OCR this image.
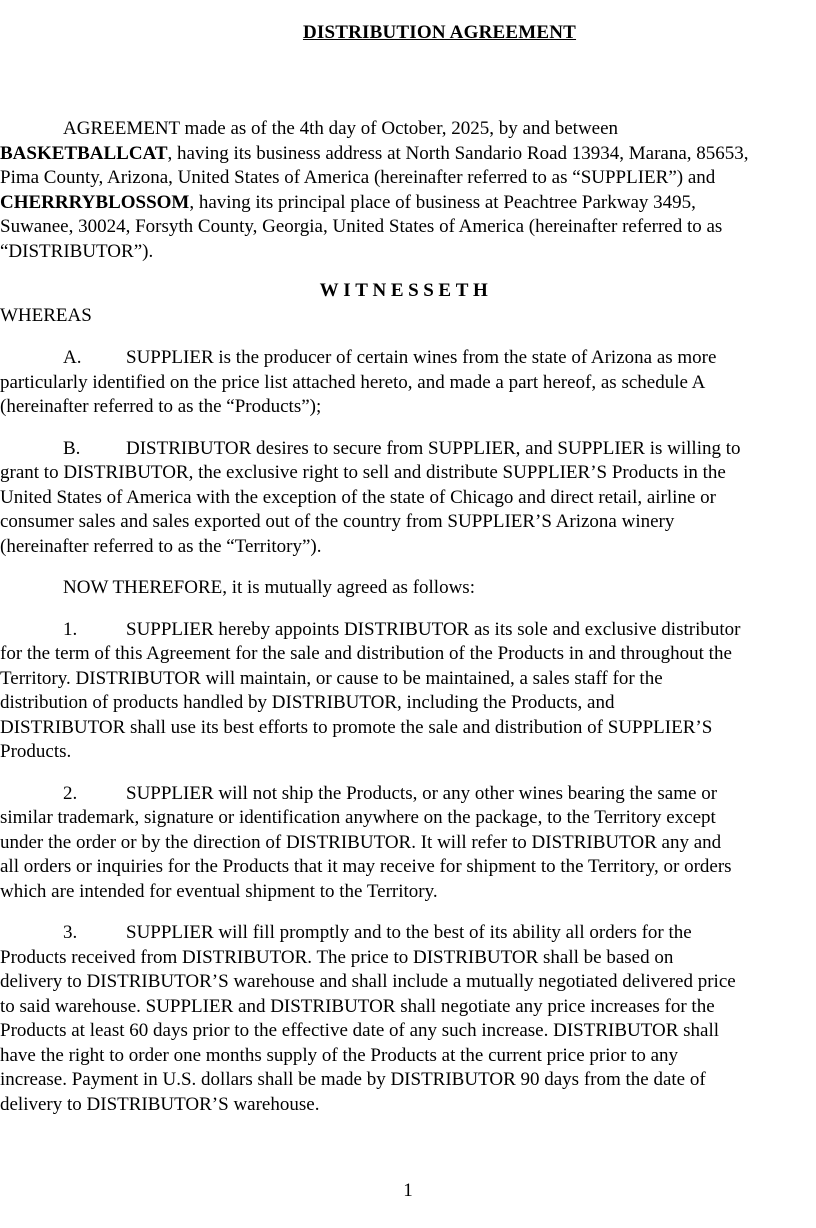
DISTRIBUTION AGREEMENT
AGREEMENT made as of the 4th day of October, 2025, by and between
BASKETBALLCAT, having its business address at North Sandario Road 13934, Marana, 85653,
Pima County, Arizona, United States of America (hereinafter referred to as “SUPPLIER”) and
CHERRRYBLOSSOM, having its principal place of business at Peachtree Parkway 3495,
Suwanee, 30024, Forsyth County, Georgia, United States of America (hereinafter referred to as
“DISTRIBUTOR”).
WITNESSETH
WHEREAS
A. SUPPLIER is the producer of certain wines from the state of Arizona as more
particularly identified on the price list attached hereto, and made a part hereof, as schedule A
(hereinafter referred to as the “Products”);
B. DISTRIBUTOR desires to secure from SUPPLIER, and SUPPLIER is willing to
grant to DISTRIBUTOR, the exclusive right to sell and distribute SUPPLIER’S Products in the
United States of America with the exception of the state of Chicago and direct retail, airline or
consumer sales and sales exported out of the country from SUPPLIER’S Arizona winery
(hereinafter referred to as the “Territory”).
NOW THEREFORE, it is mutually agreed as follows:
1.	SUPPLIER hereby appoints DISTRIBUTOR as its sole and exclusive distributor
for the term of this Agreement for the sale and distribution of the Products in and throughout the
Territory. DISTRIBUTOR will maintain, or cause to be maintained, a sales staff for the
distribution of products handled by DISTRIBUTOR, including the Products, and
DISTRIBUTOR shall use its best efforts to promote the sale and distribution of SUPPLIER’S
Products.
2.	SUPPLIER will not ship the Products, or any other wines bearing the same or
similar trademark, signature or identification anywhere on the package, to the Territory except
under the order or by the direction of DISTRIBUTOR. It will refer to DISTRIBUTOR any and
all orders or inquiries for the Products that it may receive for shipment to the Territory, or orders
which are intended for eventual shipment to the Territory.
3.	SUPPLIER will fill promptly and to the best of its ability all orders for the
Products received from DISTRIBUTOR. The price to DISTRIBUTOR shall be based on
delivery to DISTRIBUTOR’S warehouse and shall include a mutually negotiated delivered price
to said warehouse. SUPPLIER and DISTRIBUTOR shall negotiate any price increases for the
Products at least 60 days prior to the effective date of any such increase. DISTRIBUTOR shall
have the right to order one months supply of the Products at the current price prior to any
increase. Payment in U.S. dollars shall be made by DISTRIBUTOR 90 days from the date of
delivery to DISTRIBUTOR’S warehouse.
1
